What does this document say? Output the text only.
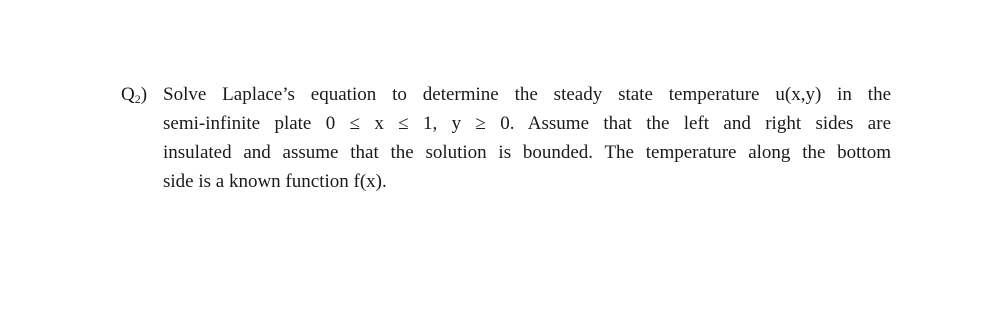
$Q_2$) Solve Laplace’s equation to determine the steady state temperature u(x,y) in the
semi-infinite plate 0 ≤ x ≤ 1, y ≥ 0. Assume that the left and right sides are
insulated and assume that the solution is bounded. The temperature along the bottom
side is a known function f(x).
